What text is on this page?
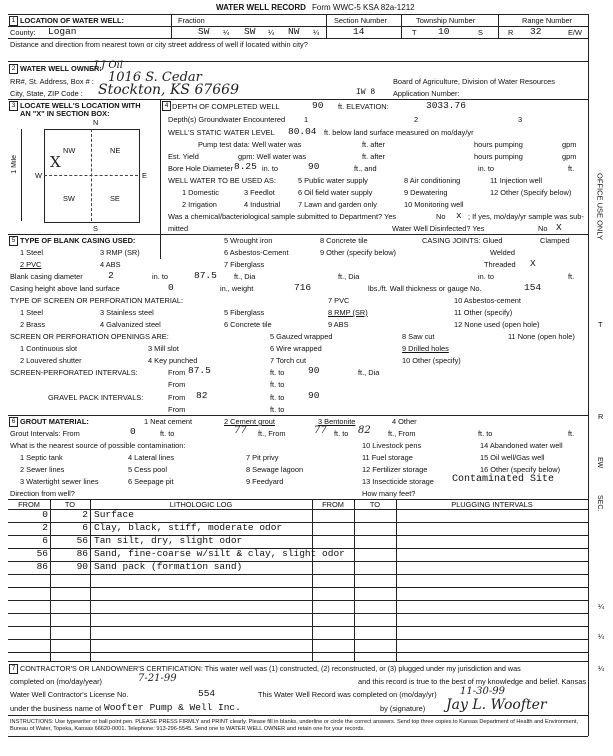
WATER WELL RECORD Form WWC-5 KSA 82a-1212
1 LOCATION OF WATER WELL:	Fraction	Section Number	Township Number	Range Number
County: Logan	SW ¼ SW ¼ NW ¼	14	T 10	S	R 32	E/W
Distance and direction from nearest town or city street address of well if located within city?
2 WATER WELL OWNER:
J J Oil
RR#, St. Address, Box # : 1016 S. Cedar	Board of Agriculture, Division of Water Resources
City, State, ZIP Code : Stockton, KS 67669	IW 8 Application Number:
3 LOCATE WELL'S LOCATION WITH
AN "X" IN SECTION BOX:
N
NW	NE
SW	SE
W	E
S
X
1 Mile
4 DEPTH OF COMPLETED WELL	90 ft. ELEVATION:	3033.76
Depth(s) Groundwater Encountered	1	2	3
WELL'S STATIC WATER LEVEL 80.04 ft. below land surface measured on mo/day/yr
Pump test data: Well water was	ft. after	hours pumping	gpm
Est. Yield	gpm: Well water was	ft. after	hours pumping	gpm
Bore Hole Diameter 8.25 in. to	90	ft., and	in. to	ft.
WELL WATER TO BE USED AS:
1 Domestic
2 Irrigation
3 Feedlot
4 Industrial
5 Public water supply
6 Oil field water supply
7 Lawn and garden only
8 Air conditioning
9 Dewatering
10 Monitoring well
11 Injection well
12 Other (Specify below)
Was a chemical/bacteriological sample submitted to Department? Yes	No x ; If yes, mo/day/yr sample was sub-
mitted	Water Well Disinfected? Yes	No X
5 TYPE OF BLANK CASING USED:
1 Steel
2 PVC
3 RMP (SR)
4 ABS
5 Wrought iron
6 Asbestos-Cement
7 Fiberglass
8 Concrete tile
9 Other (specify below)
CASING JOINTS: Glued	Clamped
Welded
Threaded X
Blank casing diameter	2	in. to	87.5 ft., Dia	ft., Dia	in. to	ft.
Casing height above land surface	0	in., weight	716	lbs./ft. Wall thickness or gauge No.	154
TYPE OF SCREEN OR PERFORATION MATERIAL:
1 Steel
2 Brass
3 Stainless steel
4 Galvanized steel
5 Fiberglass
6 Concrete tile
7 PVC
8 RMP (SR)
9 ABS
10 Asbestos-cement
11 Other (specify)
12 None used (open hole)
SCREEN OR PERFORATION OPENINGS ARE:
1 Continuous slot
2 Louvered shutter
3 Mill slot
4 Key punched
5 Gauzed wrapped
6 Wire wrapped
7 Torch cut
8 Saw cut
9 Drilled holes
10 Other (specify)
11 None (open hole)
SCREEN-PERFORATED INTERVALS:	From 87.5	ft. to 90	ft., Dia
From	ft. to
GRAVEL PACK INTERVALS:	From 82	ft. to 90
From	ft. to
6 GROUT MATERIAL:	1 Neat cement	2 Cement grout	3 Bentonite	4 Other
Grout Intervals: From	0	ft. to	77 ft., From	77 ft. to 82 ft., From	ft. to	ft.
What is the nearest source of possible contamination:
1 Septic tank
2 Sewer lines
3 Watertight sewer lines
4 Lateral lines
5 Cess pool
6 Seepage pit
7 Pit privy
8 Sewage lagoon
9 Feedyard
10 Livestock pens
11 Fuel storage
12 Fertilizer storage
13 Insecticide storage
14 Abandoned water well
15 Oil well/Gas well
16 Other (specify below)
Contaminated Site
Direction from well?	How many feet?
FROM	TO	LITHOLOGIC LOG	FROM	TO	PLUGGING INTERVALS
0	2 Surface
2	6 Clay, black, stiff, moderate odor
6	56 Tan silt, dry, slight odor
56	86 Sand, fine-coarse w/silt & clay, slight odor
86	90 Sand pack (formation sand)
7 CONTRACTOR'S OR LANDOWNER'S CERTIFICATION: This water well was (1) constructed, (2) reconstructed, or (3) plugged under my jurisdiction and was
completed on (mo/day/year)	7-21-99	and this record is true to the best of my knowledge and belief. Kansas
Water Well Contractor's License No.	554	This Water Well Record was completed on (mo/day/yr) 11-30-99
under the business name of Woofter Pump & Well Inc.	by (signature) Jay L. Woofter
INSTRUCTIONS: Use typewriter or ball point pen. PLEASE PRESS FIRMLY and PRINT clearly. Please fill in blanks, underline or circle the correct answers. Send top three copies to Kansas Department of Health and Environment, Bureau of Water, Topeka, Kansas 66620-0001. Telephone: 913-296-5545. Send one to WATER WELL OWNER and retain one for your records.
OFFICE USE ONLY
T
R
EW
SEC.
¼
¼
¼
